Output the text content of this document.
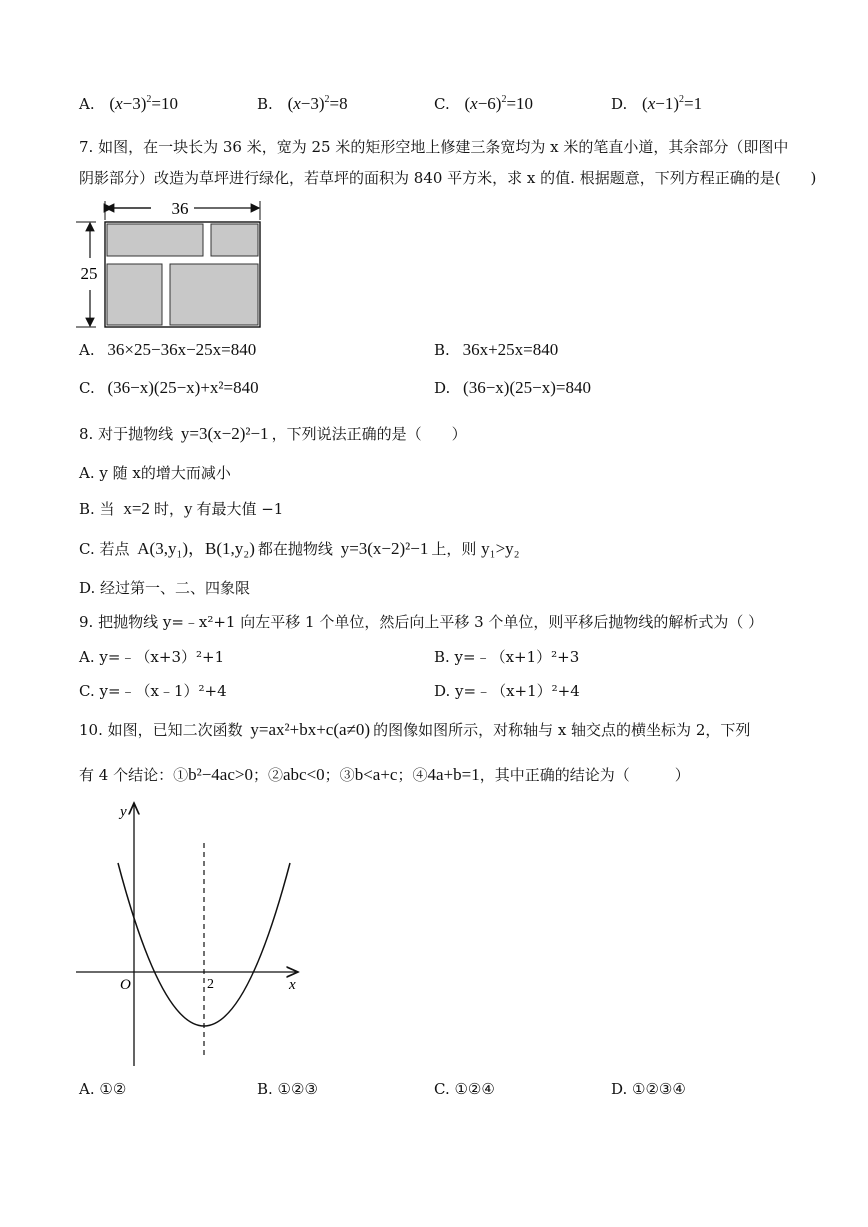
A. $(x-3)^2=10$	B. $(x-3)^2=8$	C. $(x-6)^2=10$	D. $(x-1)^2=1$
7. 如图，在一块长为 36 米，宽为 25 米的矩形空地上修建三条宽均为 x 米的笔直小道，其余部分（即图中
阴影部分）改造为草坪进行绿化，若草坪的面积为 840 平方米，求 x 的值. 根据题意，下列方程正确的是(　　)
36
25
A. 36×25−36x−25x=840	B. 36x+25x=840
C. (36−x)(25−x)+x²=840	D. (36−x)(25−x)=840
8. 对于抛物线 y=3(x−2)²−1 ，下列说法正确的是（　　）
A. y 随 x的增大而减小
B. 当 x=2 时，y 有最大值 −1
C. 若点 A(3,y₁)，B(1,y₂) 都在抛物线 y=3(x−2)²−1 上，则 y₁>y₂
D. 经过第一、二、四象限
9. 把抛物线 y=﹣x²+1 向左平移 1 个单位，然后向上平移 3 个单位，则平移后抛物线的解析式为（ ）
A. y=﹣（x+3）²+1	B. y=﹣（x+1）²+3
C. y=﹣（x﹣1）²+4	D. y=﹣（x+1）²+4
10. 如图，已知二次函数 y=ax²+bx+c(a≠0) 的图像如图所示，对称轴与 x 轴交点的横坐标为 2，下列
有 4 个结论：①b²−4ac>0；②abc<0；③b<a+c；④4a+b=1，其中正确的结论为（　　　）
y
x
O	2
A. ①②	B. ①②③	C. ①②④	D. ①②③④
